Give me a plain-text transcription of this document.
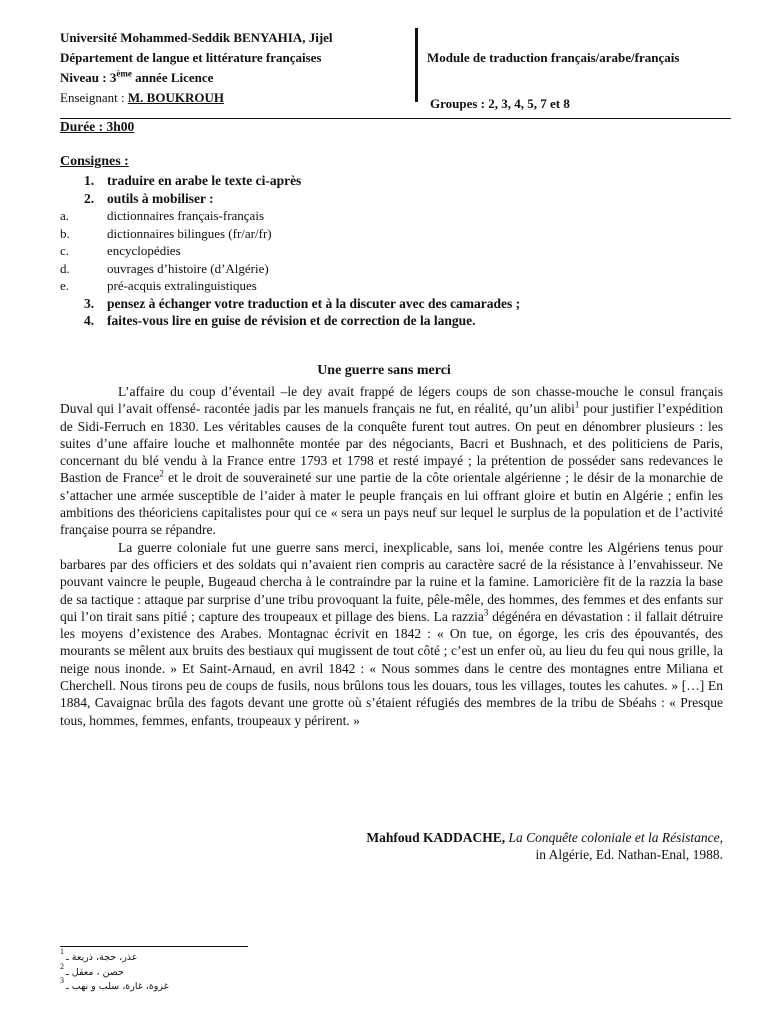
Université Mohammed-Seddik BENYAHIA, Jijel
Département de langue et littérature françaises
Niveau : 3ème année Licence
Enseignant : M. BOUKROUH
Module de traduction français/arabe/français
Groupes : 2, 3, 4, 5, 7 et 8
Durée : 3h00
Consignes :
1. traduire en arabe le texte ci-après
2. outils à mobiliser :
a.	dictionnaires français-français
b.	dictionnaires bilingues (fr/ar/fr)
c.	encyclopédies
d.	ouvrages d’histoire (d’Algérie)
e.	pré-acquis extralinguistiques
3. pensez à échanger votre traduction et à la discuter avec des camarades ;
4. faites-vous lire en guise de révision et de correction de la langue.
Une guerre sans merci

L’affaire du coup d’éventail –le dey avait frappé de légers coups de son chasse-mouche le consul français Duval qui l’avait offensé- racontée jadis par les manuels français ne fut, en réalité, qu’un alibi$^1$ pour justifier l’expédition de Sidi-Ferruch en 1830. Les véritables causes de la conquête furent tout autres. On peut en dénombrer plusieurs : les suites d’une affaire louche et malhonnête montée par des négociants, Bacri et Bushnach, et des politiciens de Paris, concernant du blé vendu à la France entre 1793 et 1798 et resté impayé ; la prétention de posséder sans redevances le Bastion de France$^2$ et le droit de souveraineté sur une partie de la côte orientale algérienne ; le désir de la monarchie de s’attacher une armée susceptible de l’aider à mater le peuple français en lui offrant gloire et butin en Algérie ; enfin les ambitions des théoriciens capitalistes pour qui ce « sera un pays neuf sur lequel le surplus de la population et de l’activité française pourra se répandre.

La guerre coloniale fut une guerre sans merci, inexplicable, sans loi, menée contre les Algériens tenus pour barbares par des officiers et des soldats qui n’avaient rien compris au caractère sacré de la résistance à l’envahisseur. Ne pouvant vaincre le peuple, Bugeaud chercha à le contraindre par la ruine et la famine. Lamoricière fit de la razzia la base de sa tactique : attaque par surprise d’une tribu provoquant la fuite, pêle-mêle, des hommes, des femmes et des enfants sur qui l’on tirait sans pitié ; capture des troupeaux et pillage des biens. La razzia$^3$ dégénéra en dévastation : il fallait détruire les moyens d’existence des Arabes. Montagnac écrivit en 1842 : « On tue, on égorge, les cris des épouvantés, des mourants se mêlent aux bruits des bestiaux qui mugissent de tout côté ; c’est un enfer où, au lieu du feu qui nous grille, la neige nous inonde. » Et Saint-Arnaud, en avril 1842 : « Nous sommes dans le centre des montagnes entre Miliana et Cherchell. Nous tirons peu de coups de fusils, nous brûlons tous les douars, tous les villages, toutes les cahutes. » […] En 1884, Cavaignac brûla des fagots devant une grotte où s’étaient réfugiés des membres de la tribu de Sbéahs : « Presque tous, hommes, femmes, enfants, troupeaux y périrent. »

Mahfoud KADDACHE, La Conquête coloniale et la Résistance,
in Algérie, Ed. Nathan-Enal, 1988.
$^1$
عذر، حجة، ذريعة ـ
$^2$
حصن ، معقل ـ
$^3$
غزوة، غارة، سلب و نهب ـ
